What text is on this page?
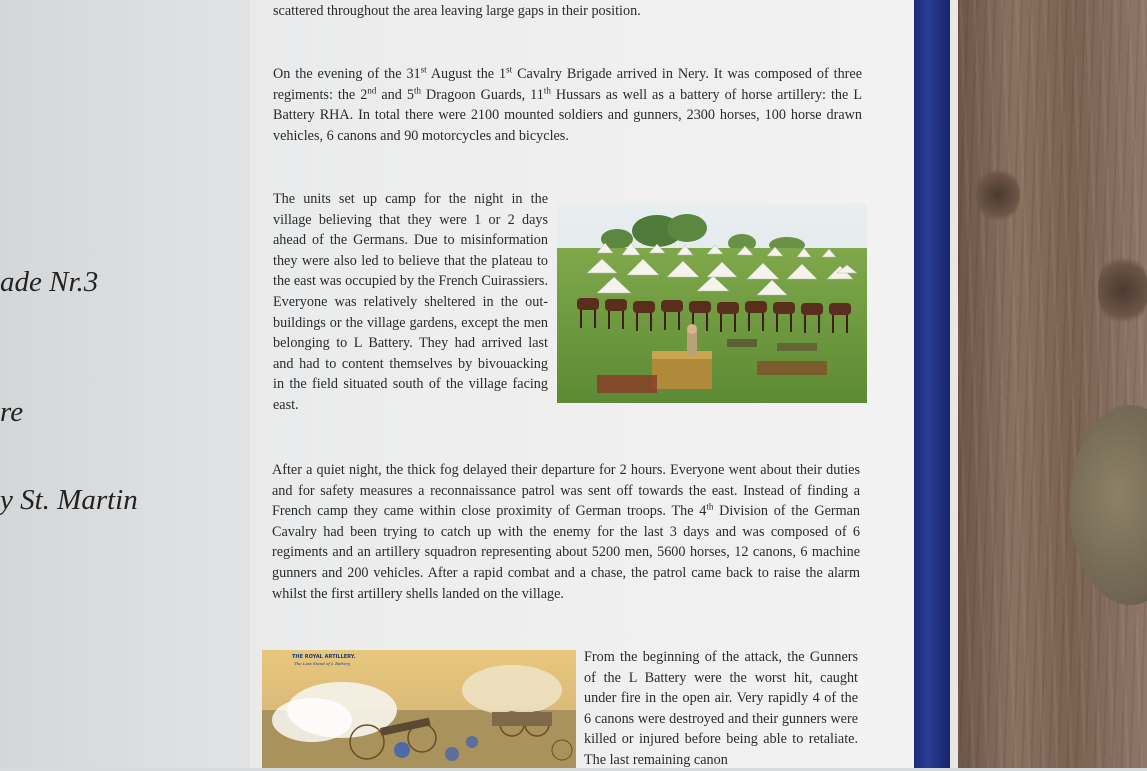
ade Nr.3
re
y St. Martin

scattered throughout the area leaving large gaps in their position.

On the evening of the 31st August the 1st Cavalry Brigade arrived in Nery. It was composed of three regiments: the 2nd and 5th Dragoon Guards, 11th Hussars as well as a battery of horse artillery: the L Battery RHA. In total there were 2100 mounted soldiers and gunners, 2300 horses, 100 horse drawn vehicles, 6 canons and 90 motorcycles and bicycles.

The units set up camp for the night in the village believing that they were 1 or 2 days ahead of the Germans. Due to misinformation they were also led to believe that the plateau to the east was occupied by the French Cuirassiers. Everyone was relatively sheltered in the out- buildings or the village gardens, except the men belonging to L Battery. They had arrived last and had to content themselves by bivouacking in the field situated south of the village facing east.

After a quiet night, the thick fog delayed their departure for 2 hours. Everyone went about their duties and for safety measures a reconnaissance patrol was sent off towards the east. Instead of finding a French camp they came within close proximity of German troops. The 4th Division of the German Cavalry had been trying to catch up with the enemy for the last 3 days and was composed of 6 regiments and an artillery squadron representing about 5200 men, 5600 horses, 12 canons, 6 machine gunners and 200 vehicles. After a rapid combat and a chase, the patrol came back to raise the alarm whilst the first artillery shells landed on the village.

THE ROYAL ARTILLERY.
The Last Stand of L Battery	From the beginning of the attack, the Gunners of the L Battery were the worst hit, caught under fire in the open air. Very rapidly 4 of the 6 canons were destroyed and their gunners were killed or injured before being able to retaliate. The last remaining canon
